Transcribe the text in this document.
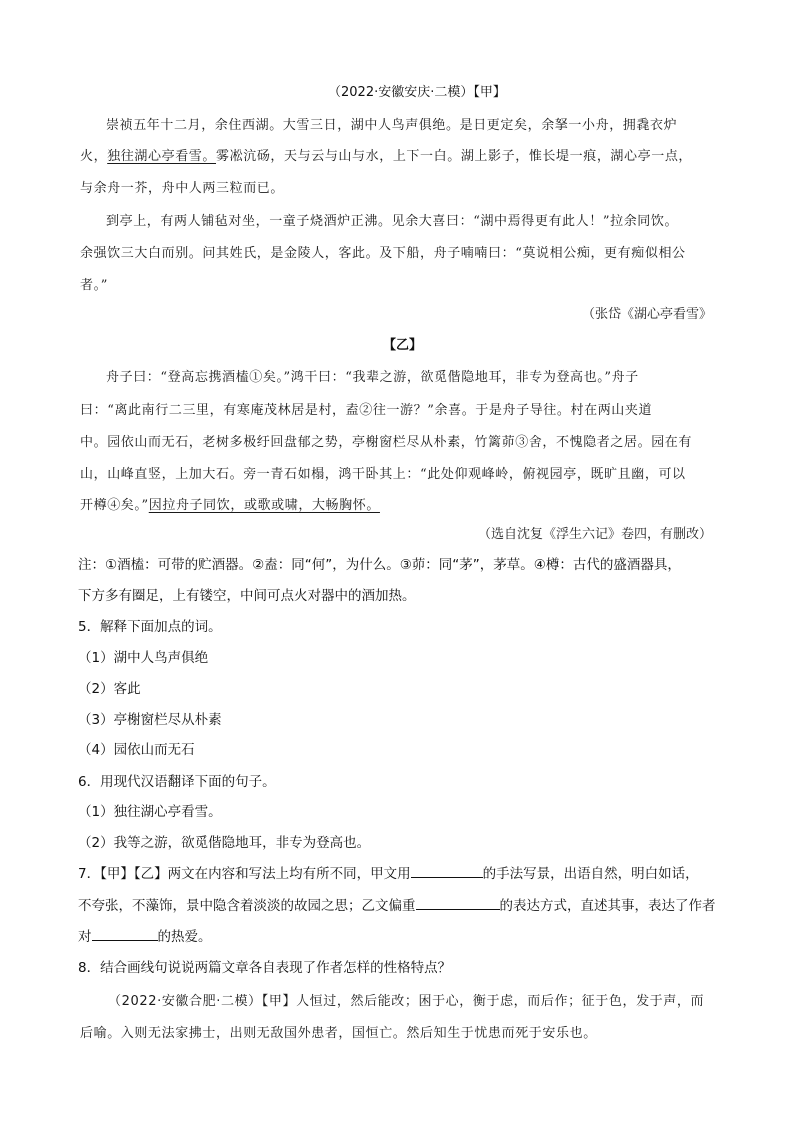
（2022·安徽安庆·二模）【甲】
崇祯五年十二月，余住西湖。大雪三日，湖中人鸟声俱绝。是日更定矣，余拏一小舟，拥毳衣炉
火，独往湖心亭看雪。雾凇沆砀，天与云与山与水，上下一白。湖上影子，惟长堤一痕，湖心亭一点，
与余舟一芥，舟中人两三粒而已。
到亭上，有两人铺毡对坐，一童子烧酒炉正沸。见余大喜曰：“湖中焉得更有此人！”拉余同饮。
余强饮三大白而别。问其姓氏，是金陵人，客此。及下船，舟子喃喃曰：“莫说相公痴，更有痴似相公
者。”
（张岱《湖心亭看雪》
【乙】
舟子曰：“登高忘携酒榼①矣。”鸿干曰：“我辈之游，欲觅偕隐地耳，非专为登高也。”舟子
曰：“离此南行二三里，有寒庵茂林居是村，盍②往一游？”余喜。于是舟子导往。村在两山夹道
中。园依山而无石，老树多极纡回盘郁之势，亭榭窗栏尽从朴素，竹篱茆③舍，不愧隐者之居。园在有
山，山峰直竖，上加大石。旁一青石如榻，鸿干卧其上：“此处仰观峰岭，俯视园亭，既旷且幽，可以
开樽④矣。”因拉舟子同饮，或歌或啸，大畅胸怀。
（选自沈复《浮生六记》卷四，有删改）
注：①酒榼：可带的贮酒器。②盍：同“何”，为什么。③茆：同“茅”，茅草。④樽：古代的盛酒器具，
下方多有圈足，上有镂空，中间可点火对器中的酒加热。
5．解释下面加点的词。
（1）湖中人鸟声俱绝
（2）客此
（3）亭榭窗栏尽从朴素
（4）园依山而无石
6．用现代汉语翻译下面的句子。
（1）独往湖心亭看雪。
（2）我等之游，欲觅偕隐地耳，非专为登高也。
7．【甲】【乙】两文在内容和写法上均有所不同，甲文用	的手法写景，出语自然，明白如话，
不夸张，不藻饰，景中隐含着淡淡的故园之思；乙文偏重	的表达方式，直述其事，表达了作者
对	的热爱。
8．结合画线句说说两篇文章各自表现了作者怎样的性格特点？
（2022·安徽合肥·二模）【甲】人恒过，然后能改；困于心，衡于虑，而后作；征于色，发于声，而
后喻。入则无法家拂士，出则无敌国外患者，国恒亡。然后知生于忧患而死于安乐也。
